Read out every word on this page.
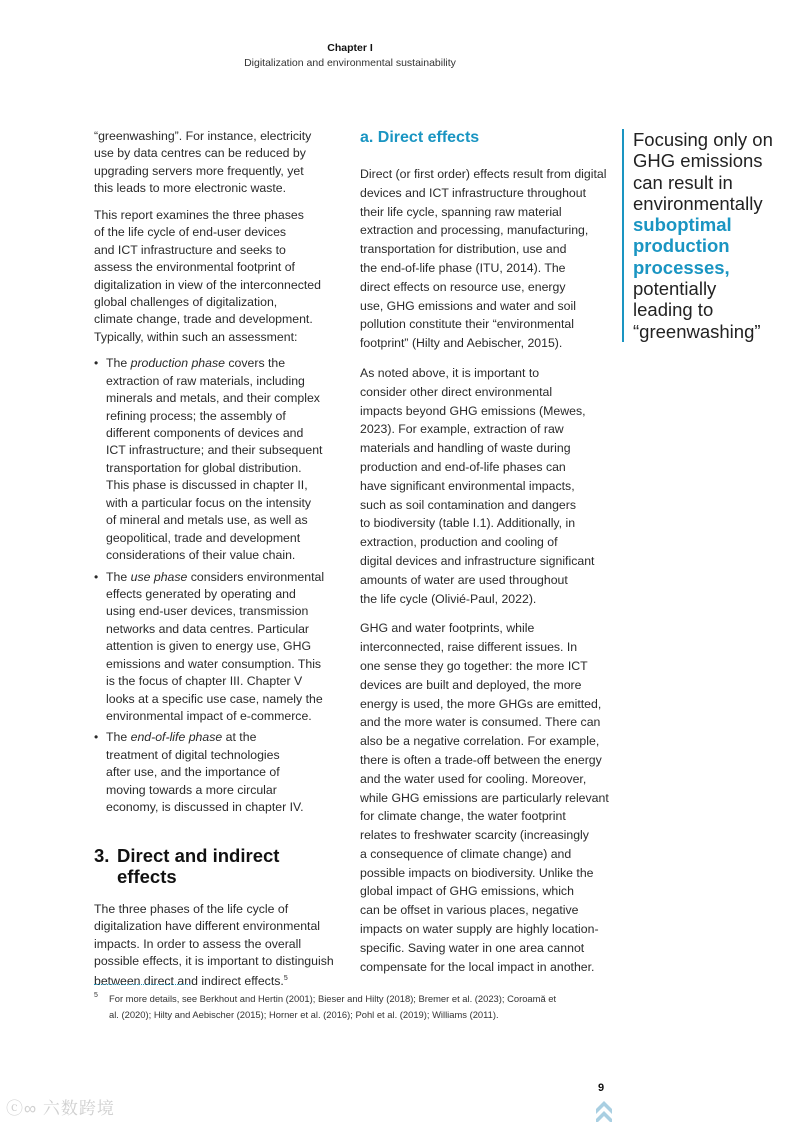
Chapter I
Digitalization and environmental sustainability
“greenwashing”. For instance, electricity
use by data centres can be reduced by
upgrading servers more frequently, yet
this leads to more electronic waste.
This report examines the three phases
of the life cycle of end-user devices
and ICT infrastructure and seeks to
assess the environmental footprint of
digitalization in view of the interconnected
global challenges of digitalization,
climate change, trade and development.
Typically, within such an assessment:
• The production phase covers the
extraction of raw materials, including
minerals and metals, and their complex
refining process; the assembly of
different components of devices and
ICT infrastructure; and their subsequent
transportation for global distribution.
This phase is discussed in chapter II,
with a particular focus on the intensity
of mineral and metals use, as well as
geopolitical, trade and development
considerations of their value chain.
• The use phase considers environmental
effects generated by operating and
using end-user devices, transmission
networks and data centres. Particular
attention is given to energy use, GHG
emissions and water consumption. This
is the focus of chapter III. Chapter V
looks at a specific use case, namely the
environmental impact of e-commerce.
• The end-of-life phase at the
treatment of digital technologies
after use, and the importance of
moving towards a more circular
economy, is discussed in chapter IV.
3. Direct and indirect
effects
The three phases of the life cycle of
digitalization have different environmental
impacts. In order to assess the overall
possible effects, it is important to distinguish
between direct and indirect effects.$^5$
a. Direct effects
Direct (or first order) effects result from digital
devices and ICT infrastructure throughout
their life cycle, spanning raw material
extraction and processing, manufacturing,
transportation for distribution, use and
the end-of-life phase (ITU, 2014). The
direct effects on resource use, energy
use, GHG emissions and water and soil
pollution constitute their “environmental
footprint” (Hilty and Aebischer, 2015).
As noted above, it is important to
consider other direct environmental
impacts beyond GHG emissions (Mewes,
2023). For example, extraction of raw
materials and handling of waste during
production and end-of-life phases can
have significant environmental impacts,
such as soil contamination and dangers
to biodiversity (table I.1). Additionally, in
extraction, production and cooling of
digital devices and infrastructure significant
amounts of water are used throughout
the life cycle (Olivié-Paul, 2022).
GHG and water footprints, while
interconnected, raise different issues. In
one sense they go together: the more ICT
devices are built and deployed, the more
energy is used, the more GHGs are emitted,
and the more water is consumed. There can
also be a negative correlation. For example,
there is often a trade-off between the energy
and the water used for cooling. Moreover,
while GHG emissions are particularly relevant
for climate change, the water footprint
relates to freshwater scarcity (increasingly
a consequence of climate change) and
possible impacts on biodiversity. Unlike the
global impact of GHG emissions, which
can be offset in various places, negative
impacts on water supply are highly location-
specific. Saving water in one area cannot
compensate for the local impact in another.
Focusing only on
GHG emissions
can result in
environmentally
suboptimal
production
processes,
potentially
leading to
“greenwashing”
5	For more details, see Berkhout and Hertin (2001); Bieser and Hilty (2018); Bremer et al. (2023); Coroamă et
al. (2020); Hilty and Aebischer (2015); Horner et al. (2016); Pohl et al. (2019); Williams (2011).
9
ⓒ∞ 六数跨境
